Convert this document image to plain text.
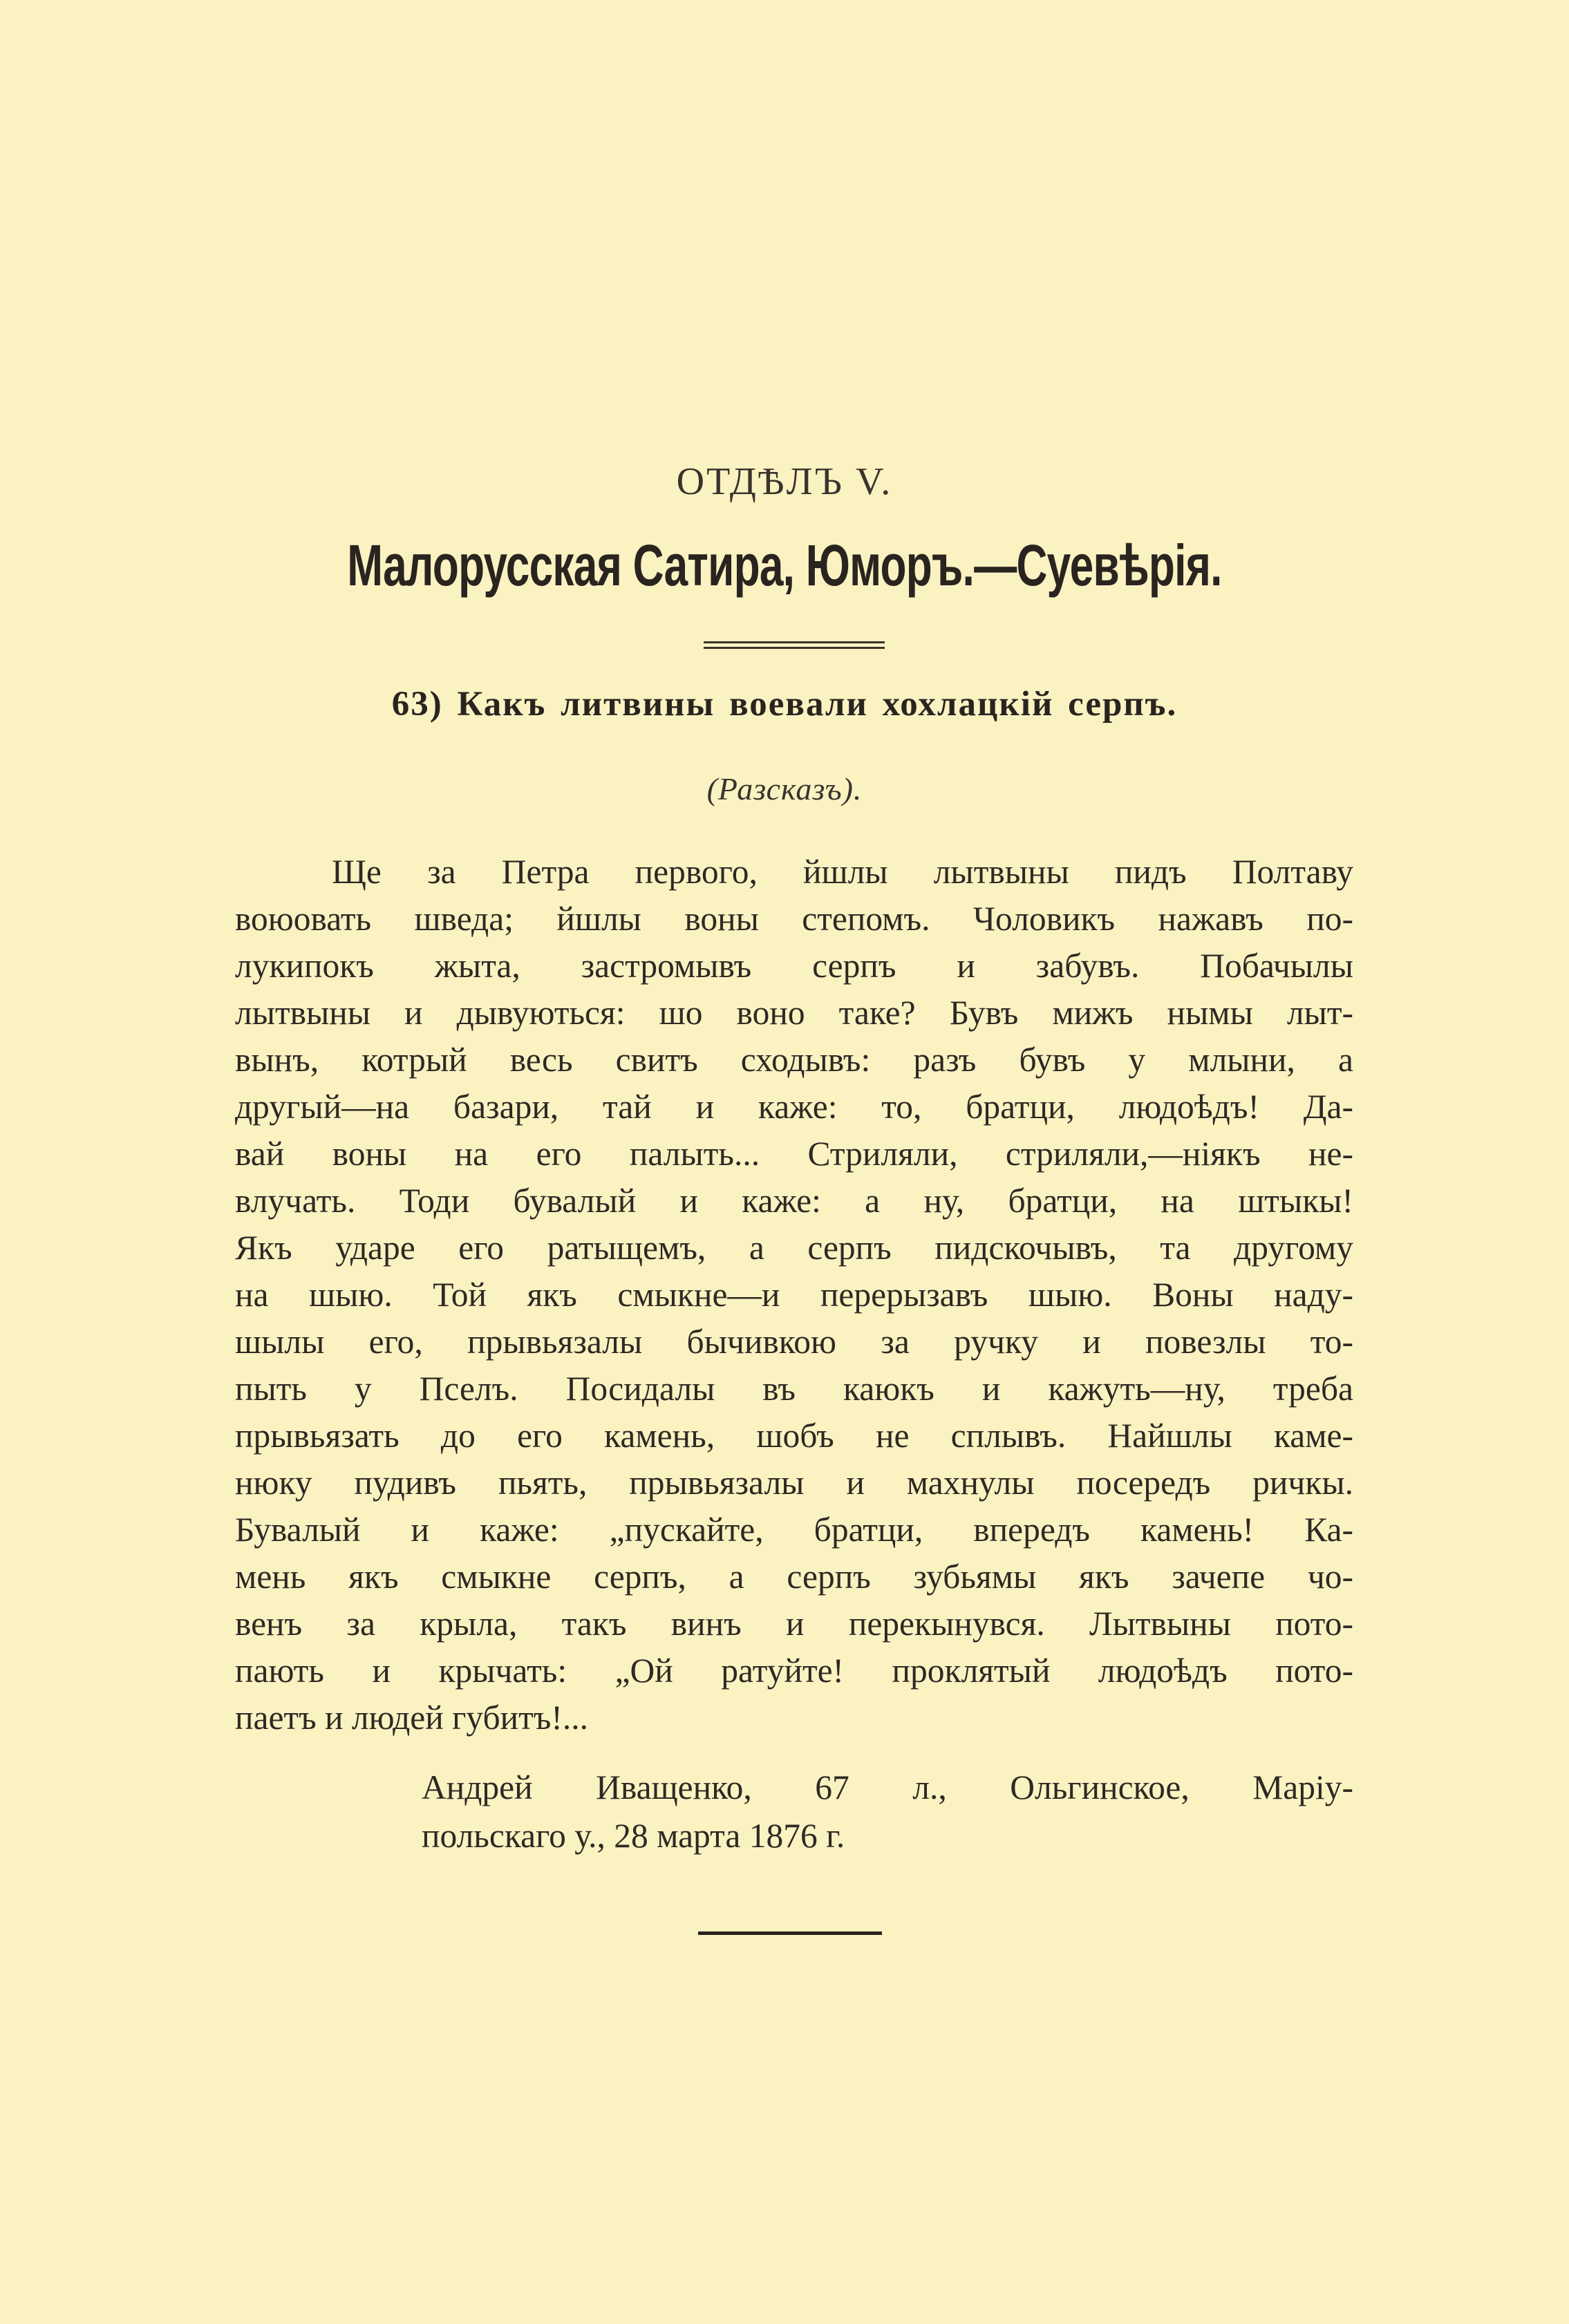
ОТДѢЛЪ V.
Малорусская Сатира, Юморъ.—Суевѣрія.
63) Какъ литвины воевали хохлацкій серпъ.
(Разсказъ).
Ще за Петра первого, йшлы лытвыны пидъ Полтаву
воюовать шведа; йшлы воны степомъ. Чоловикъ нажавъ по-
лукипокъ жыта, застромывъ серпъ и забувъ. Побачылы
лытвыны и дывуються: шо воно таке? Бувъ мижъ нымы лыт-
вынъ, котрый весь свитъ сходывъ: разъ бувъ у млыни, а
другый—на базари, тай и каже: то, братци, людоѣдъ! Да-
вай воны на его палыть... Стриляли, стриляли,—ніякъ не-
влучать. Тоди бувалый и каже: а ну, братци, на штыкы!
Якъ ударе его ратыщемъ, а серпъ пидскочывъ, та другому
на шыю. Той якъ смыкне—и перерызавъ шыю. Воны наду-
шылы его, прывьязалы бычивкою за ручку и повезлы то-
пыть у Пселъ. Посидалы въ каюкъ и кажуть—ну, треба
прывьязать до его камень, шобъ не сплывъ. Найшлы каме-
нюку пудивъ пьять, прывьязалы и махнулы посередъ ричкы.
Бувалый и каже: „пускайте, братци, впередъ камень! Ка-
мень якъ смыкне серпъ, а серпъ зубьямы якъ зачепе чо-
венъ за крыла, такъ винъ и перекынувся. Лытвыны пото-
пають и крычать: „Ой ратуйте! проклятый людоѣдъ пото-
паетъ и людей губитъ!...
Андрей Иващенко, 67 л., Ольгинское, Маріу-
польскаго у., 28 марта 1876 г.
